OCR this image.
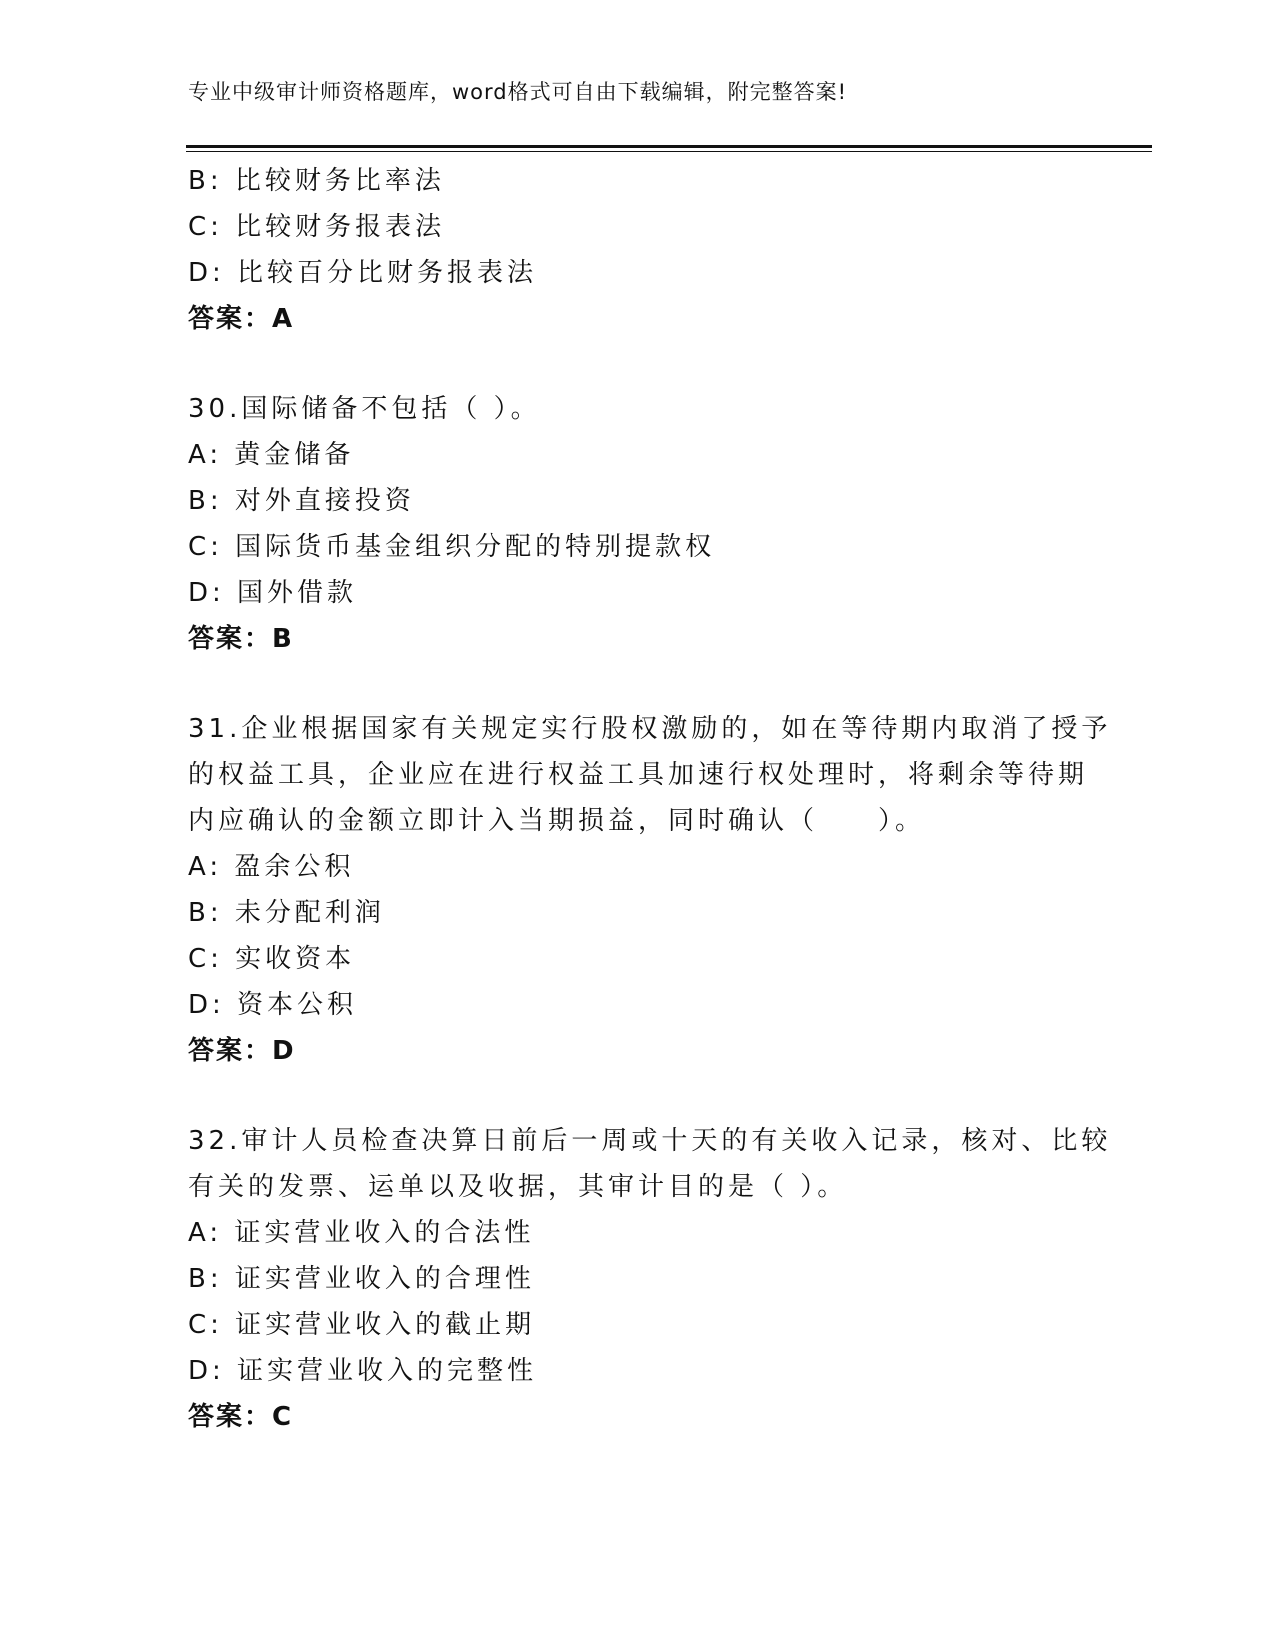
专业中级审计师资格题库，word格式可自由下载编辑，附完整答案!
B: 比较财务比率法
C: 比较财务报表法
D: 比较百分比财务报表法
答案：A
30.国际储备不包括（ ）。
A: 黄金储备
B: 对外直接投资
C: 国际货币基金组织分配的特别提款权
D: 国外借款
答案：B
31.企业根据国家有关规定实行股权激励的，如在等待期内取消了授予
的权益工具，企业应在进行权益工具加速行权处理时，将剩余等待期
内应确认的金额立即计入当期损益，同时确认（　　）。
A: 盈余公积
B: 未分配利润
C: 实收资本
D: 资本公积
答案：D
32.审计人员检查决算日前后一周或十天的有关收入记录，核对、比较
有关的发票、运单以及收据，其审计目的是（ ）。
A: 证实营业收入的合法性
B: 证实营业收入的合理性
C: 证实营业收入的截止期
D: 证实营业收入的完整性
答案：C
